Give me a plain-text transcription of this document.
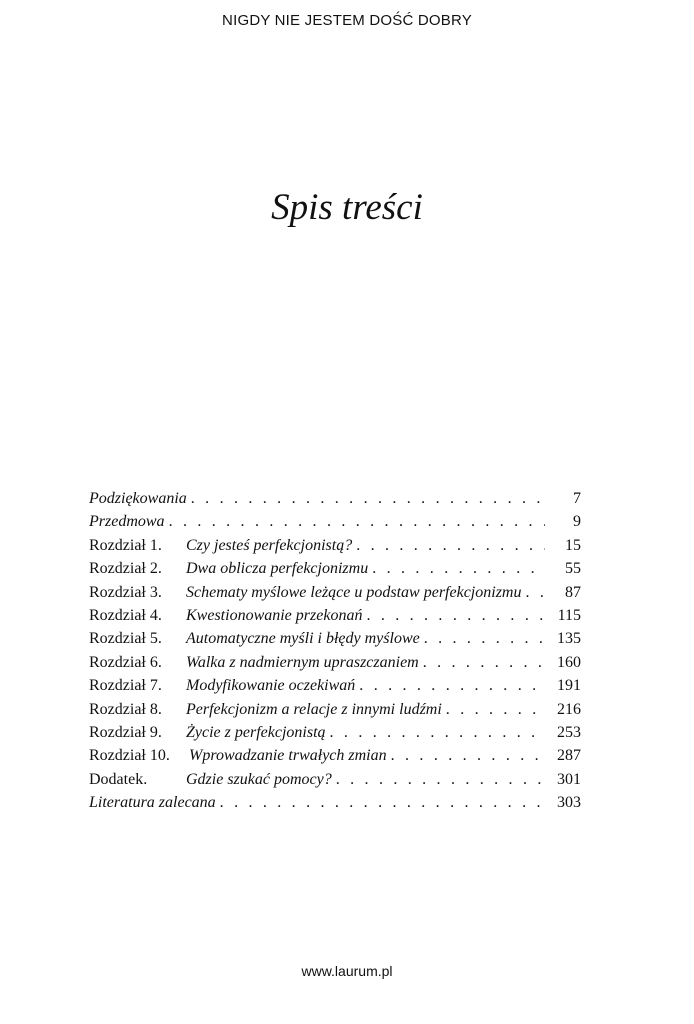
NIGDY NIE JESTEM DOŚĆ DOBRY
Spis treści
Podziękowania . . .	7
Przedmowa . . .	9
Rozdział 1.	Czy jesteś perfekcjonistą? . . .	15
Rozdział 2.	Dwa oblicza perfekcjonizmu . . .	55
Rozdział 3.	Schematy myślowe leżące u podstaw perfekcjonizmu . . .	87
Rozdział 4.	Kwestionowanie przekonań . . .	115
Rozdział 5.	Automatyczne myśli i błędy myślowe . . .	135
Rozdział 6.	Walka z nadmiernym upraszczaniem . . .	160
Rozdział 7.	Modyfikowanie oczekiwań . . .	191
Rozdział 8.	Perfekcjonizm a relacje z innymi ludźmi . . .	216
Rozdział 9.	Życie z perfekcjonistą . . .	253
Rozdział 10.	Wprowadzanie trwałych zmian . . .	287
Dodatek.	Gdzie szukać pomocy? . . .	301
Literatura zalecana . . .	303
www.laurum.pl
